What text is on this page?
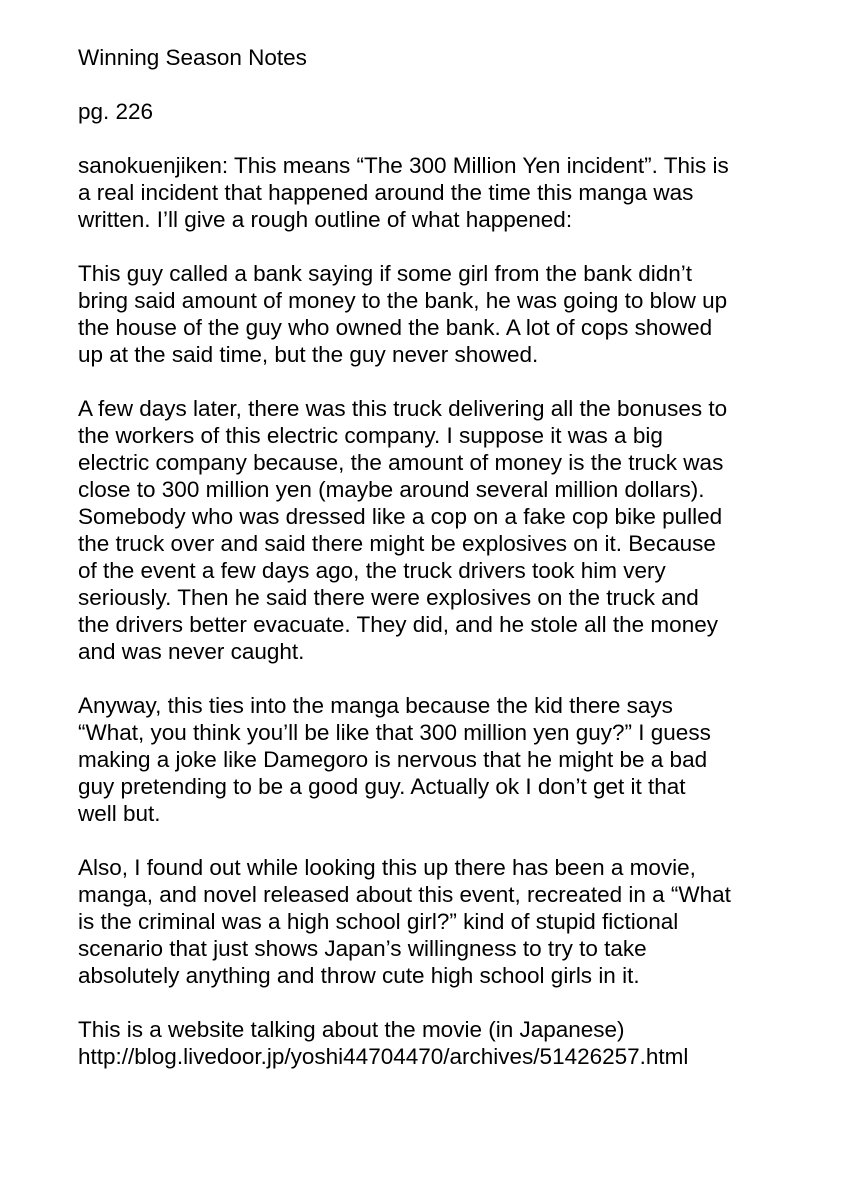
Winning Season Notes

pg. 226

sanokuenjiken: This means “The 300 Million Yen incident”. This is
a real incident that happened around the time this manga was
written. I’ll give a rough outline of what happened:

This guy called a bank saying if some girl from the bank didn’t
bring said amount of money to the bank, he was going to blow up
the house of the guy who owned the bank. A lot of cops showed
up at the said time, but the guy never showed.

A few days later, there was this truck delivering all the bonuses to
the workers of this electric company. I suppose it was a big
electric company because, the amount of money is the truck was
close to 300 million yen (maybe around several million dollars).
Somebody who was dressed like a cop on a fake cop bike pulled
the truck over and said there might be explosives on it. Because
of the event a few days ago, the truck drivers took him very
seriously. Then he said there were explosives on the truck and
the drivers better evacuate. They did, and he stole all the money
and was never caught.

Anyway, this ties into the manga because the kid there says
“What, you think you’ll be like that 300 million yen guy?” I guess
making a joke like Damegoro is nervous that he might be a bad
guy pretending to be a good guy. Actually ok I don’t get it that
well but.

Also, I found out while looking this up there has been a movie,
manga, and novel released about this event, recreated in a “What
is the criminal was a high school girl?” kind of stupid fictional
scenario that just shows Japan’s willingness to try to take
absolutely anything and throw cute high school girls in it.

This is a website talking about the movie (in Japanese)
http://blog.livedoor.jp/yoshi44704470/archives/51426257.html
